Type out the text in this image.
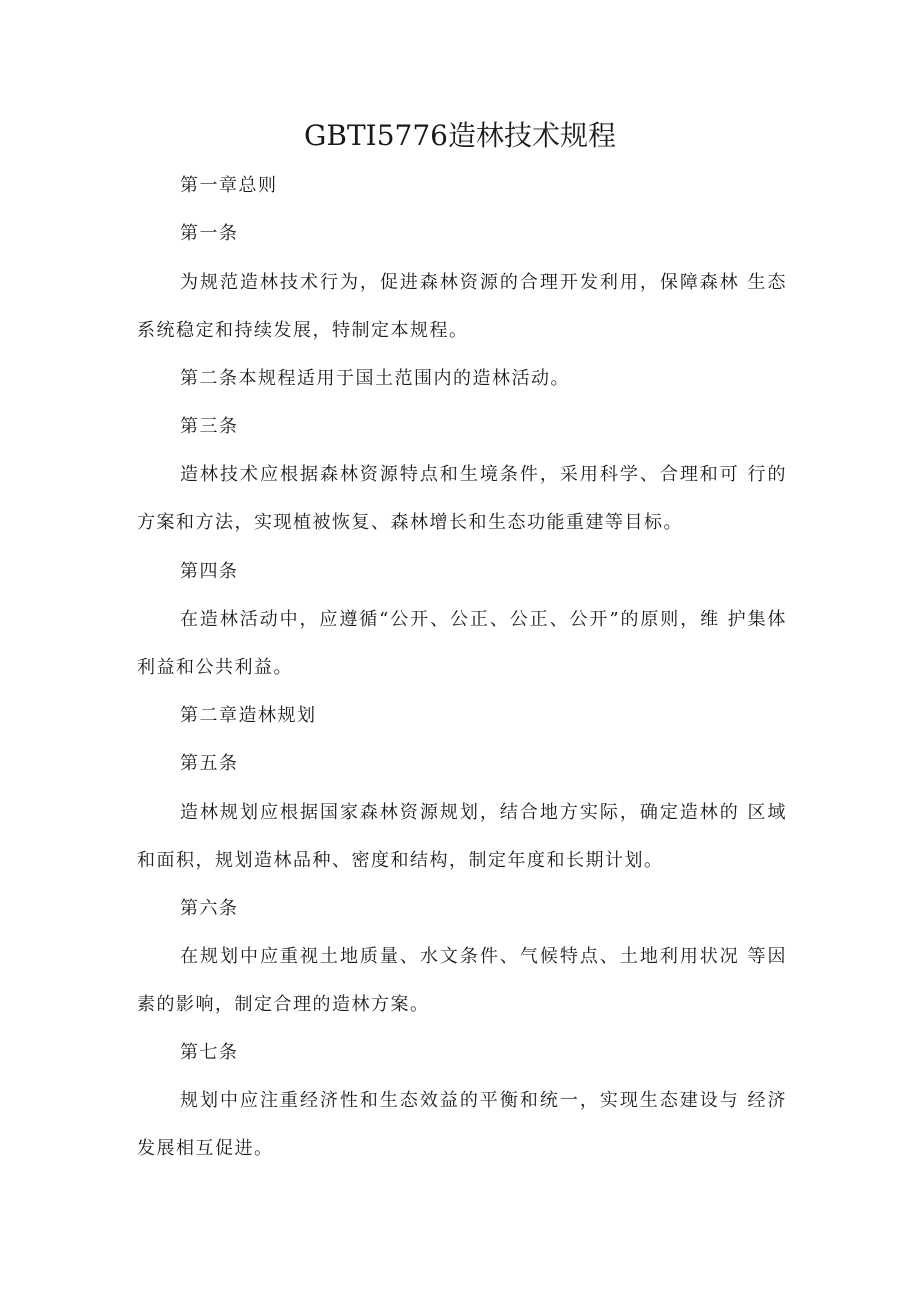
GBTI5776造林技术规程
第一章总则
第一条

为规范造林技术行为，促进森林资源的合理开发利用，保障森林 生态系统稳定和持续发展，特制定本规程。

第二条本规程适用于国土范围内的造林活动。
第三条

造林技术应根据森林资源特点和生境条件，采用科学、合理和可 行的方案和方法，实现植被恢复、森林增长和生态功能重建等目标。

第四条

在造林活动中，应遵循“公开、公正、公正、公开”的原则，维 护集体利益和公共利益。

第二章造林规划
第五条

造林规划应根据国家森林资源规划，结合地方实际，确定造林的 区域和面积，规划造林品种、密度和结构，制定年度和长期计划。

第六条

在规划中应重视土地质量、水文条件、气候特点、土地利用状况 等因素的影响，制定合理的造林方案。

第七条

规划中应注重经济性和生态效益的平衡和统一，实现生态建设与 经济发展相互促进。
